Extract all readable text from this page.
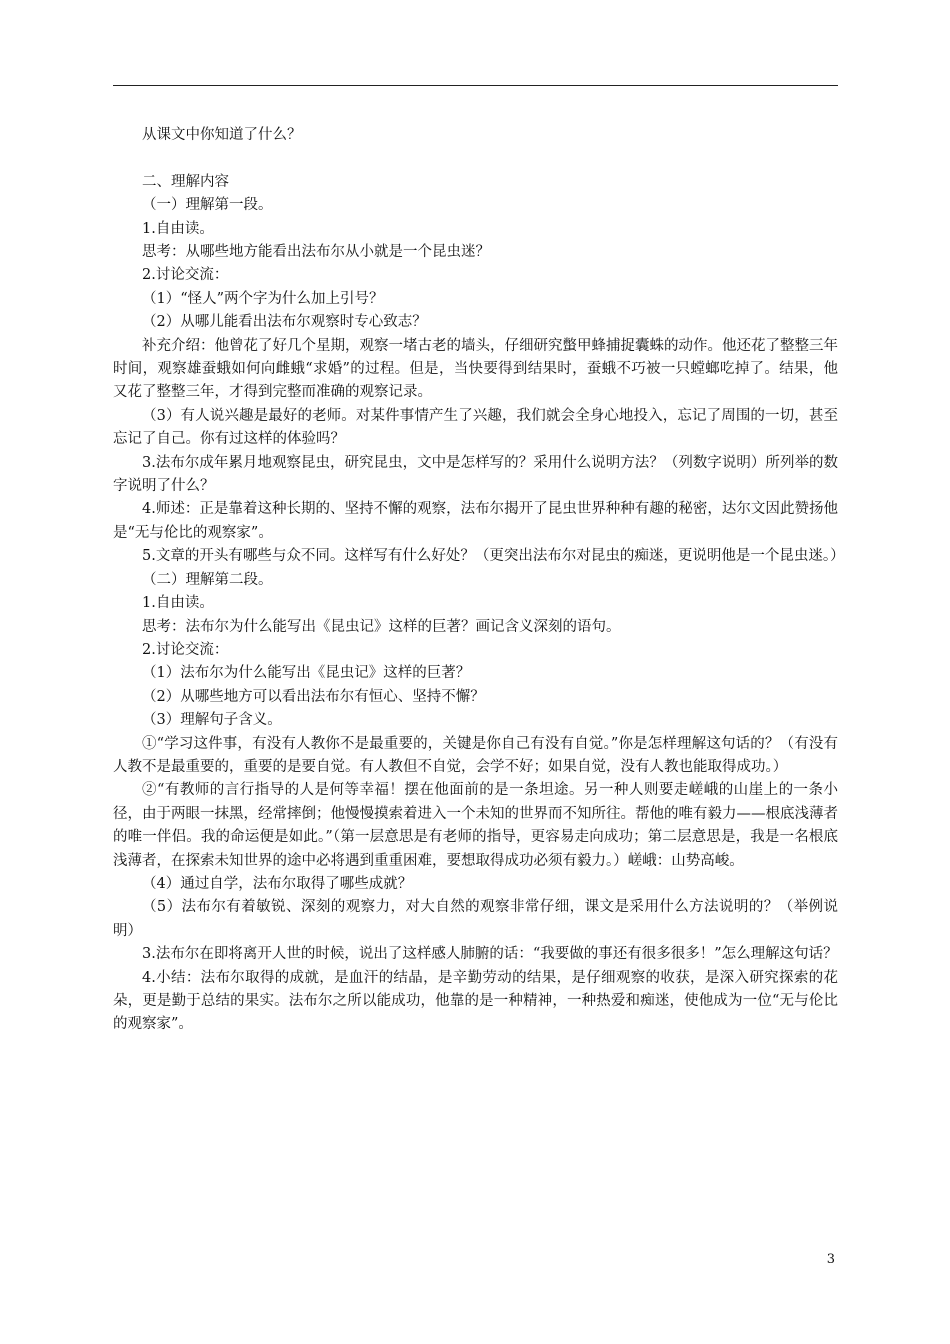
从课文中你知道了什么？

二、理解内容

（一）理解第一段。

1.自由读。

思考：从哪些地方能看出法布尔从小就是一个昆虫迷？

2.讨论交流：

（1）“怪人”两个字为什么加上引号？

（2）从哪儿能看出法布尔观察时专心致志？

补充介绍：他曾花了好几个星期，观察一堵古老的墙头，仔细研究蟞甲蜂捕捉囊蛛的动作。他还花了整整三年时间，观察雄蚕蛾如何向雌蛾“求婚”的过程。但是，当快要得到结果时，蚕蛾不巧被一只螳螂吃掉了。结果，他又花了整整三年，才得到完整而准确的观察记录。

（3）有人说兴趣是最好的老师。对某件事情产生了兴趣，我们就会全身心地投入，忘记了周围的一切，甚至忘记了自己。你有过这样的体验吗？

3.法布尔成年累月地观察昆虫，研究昆虫，文中是怎样写的？采用什么说明方法？（列数字说明）所列举的数字说明了什么？

4.师述：正是靠着这种长期的、坚持不懈的观察，法布尔揭开了昆虫世界种种有趣的秘密，达尔文因此赞扬他是“无与伦比的观察家”。

5.文章的开头有哪些与众不同。这样写有什么好处？（更突出法布尔对昆虫的痴迷，更说明他是一个昆虫迷。）

（二）理解第二段。

1.自由读。

思考：法布尔为什么能写出《昆虫记》这样的巨著？画记含义深刻的语句。

2.讨论交流：

（1）法布尔为什么能写出《昆虫记》这样的巨著？

（2）从哪些地方可以看出法布尔有恒心、坚持不懈？

（3）理解句子含义。

①“学习这件事，有没有人教你不是最重要的，关键是你自己有没有自觉。”你是怎样理解这句话的？（有没有人教不是最重要的，重要的是要自觉。有人教但不自觉，会学不好；如果自觉，没有人教也能取得成功。）

②“有教师的言行指导的人是何等幸福！摆在他面前的是一条坦途。另一种人则要走嵯峨的山崖上的一条小径，由于两眼一抹黑，经常摔倒；他慢慢摸索着进入一个未知的世界而不知所往。帮他的唯有毅力——根底浅薄者的唯一伴侣。我的命运便是如此。”（第一层意思是有老师的指导，更容易走向成功；第二层意思是，我是一名根底浅薄者，在探索未知世界的途中必将遇到重重困难，要想取得成功必须有毅力。）嵯峨：山势高峻。

（4）通过自学，法布尔取得了哪些成就？

（5）法布尔有着敏锐、深刻的观察力，对大自然的观察非常仔细，课文是采用什么方法说明的？（举例说明）

3.法布尔在即将离开人世的时候，说出了这样感人肺腑的话：“我要做的事还有很多很多！”怎么理解这句话？

4.小结：法布尔取得的成就，是血汗的结晶，是辛勤劳动的结果，是仔细观察的收获，是深入研究探索的花朵，更是勤于总结的果实。法布尔之所以能成功，他靠的是一种精神，一种热爱和痴迷，使他成为一位“无与伦比的观察家”。

3
